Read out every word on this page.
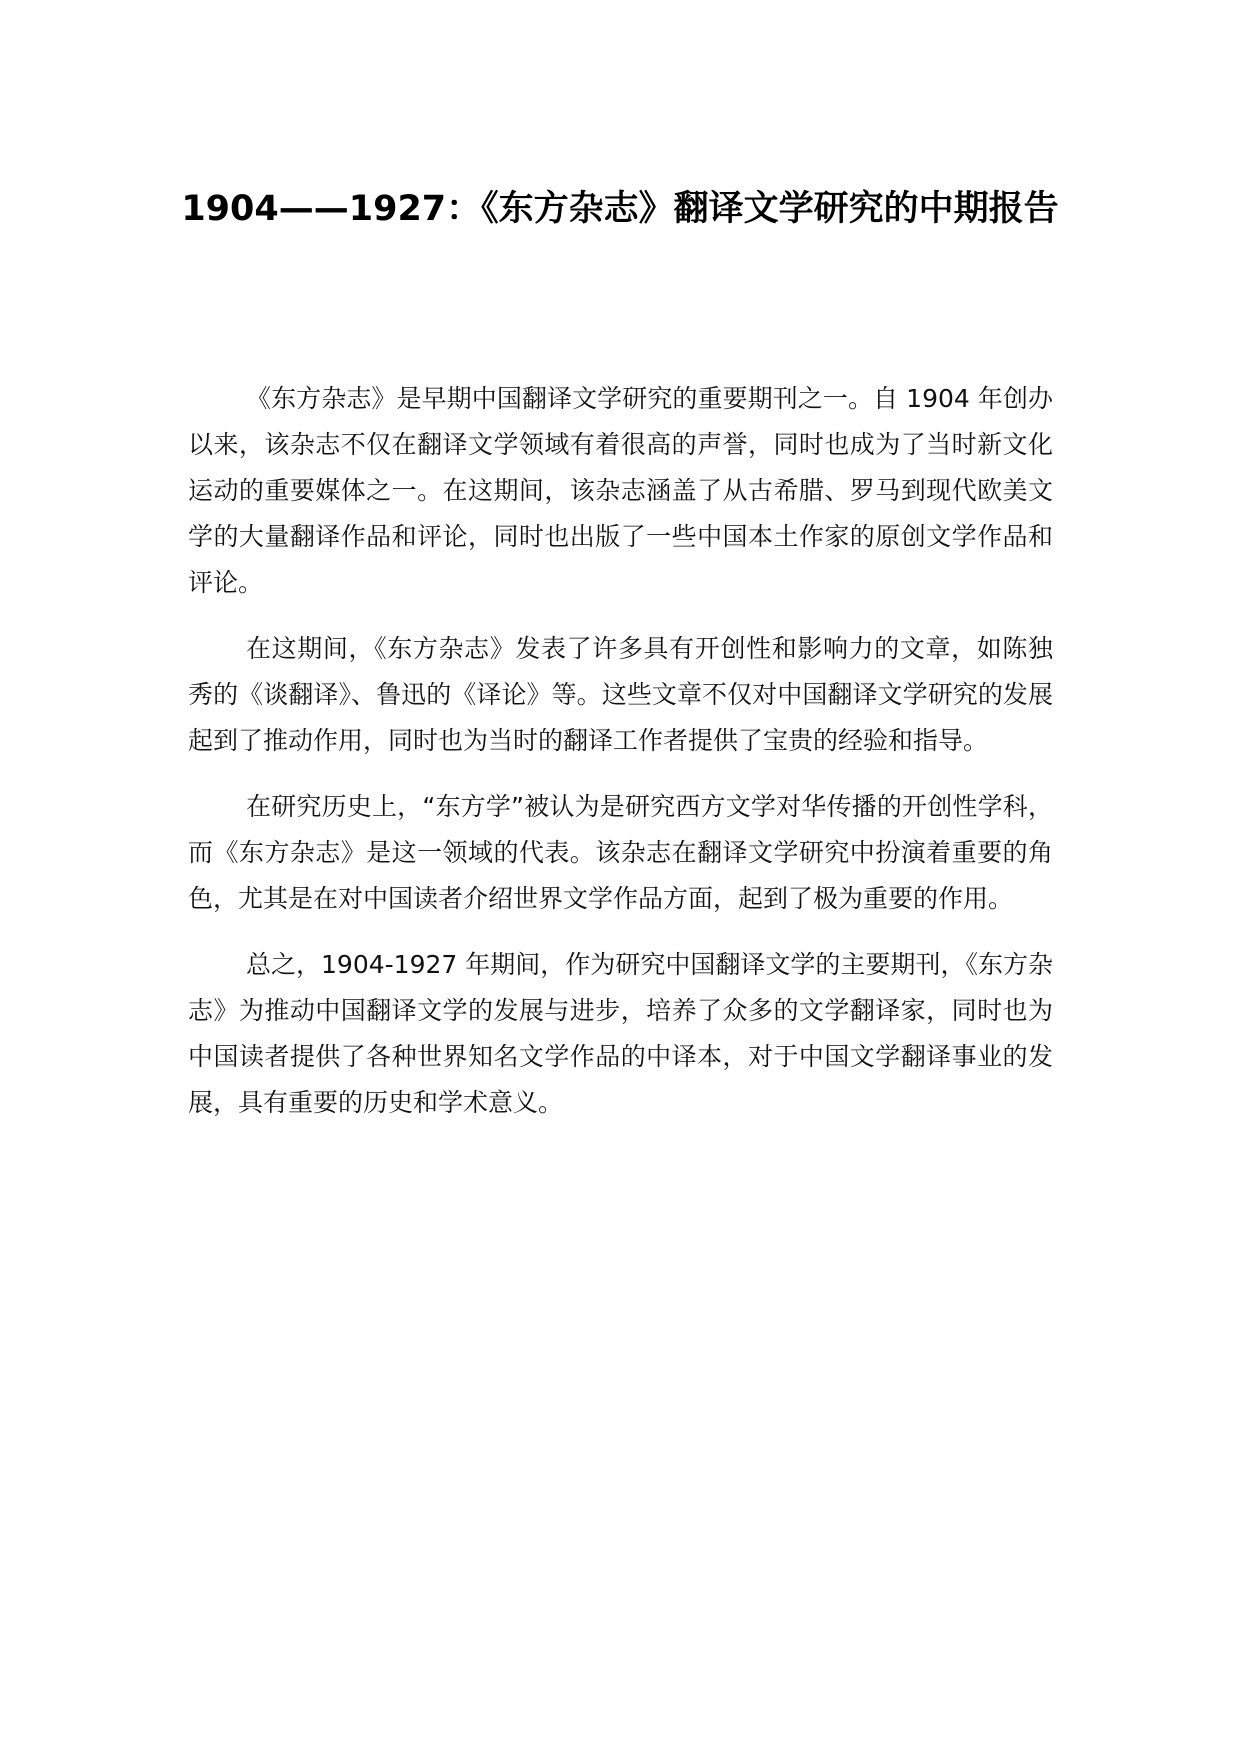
1904——1927：《东方杂志》翻译文学研究的中期报告

《东方杂志》是早期中国翻译文学研究的重要期刊之一。自 1904 年创办以来，该杂志不仅在翻译文学领域有着很高的声誉，同时也成为了当时新文化运动的重要媒体之一。在这期间，该杂志涵盖了从古希腊、罗马到现代欧美文学的大量翻译作品和评论，同时也出版了一些中国本土作家的原创文学作品和评论。

在这期间，《东方杂志》发表了许多具有开创性和影响力的文章，如陈独秀的《谈翻译》、鲁迅的《译论》等。这些文章不仅对中国翻译文学研究的发展起到了推动作用，同时也为当时的翻译工作者提供了宝贵的经验和指导。

在研究历史上，“东方学”被认为是研究西方文学对华传播的开创性学科，而《东方杂志》是这一领域的代表。该杂志在翻译文学研究中扮演着重要的角色，尤其是在对中国读者介绍世界文学作品方面，起到了极为重要的作用。

总之，1904-1927 年期间，作为研究中国翻译文学的主要期刊，《东方杂志》为推动中国翻译文学的发展与进步，培养了众多的文学翻译家，同时也为中国读者提供了各种世界知名文学作品的中译本，对于中国文学翻译事业的发展，具有重要的历史和学术意义。
